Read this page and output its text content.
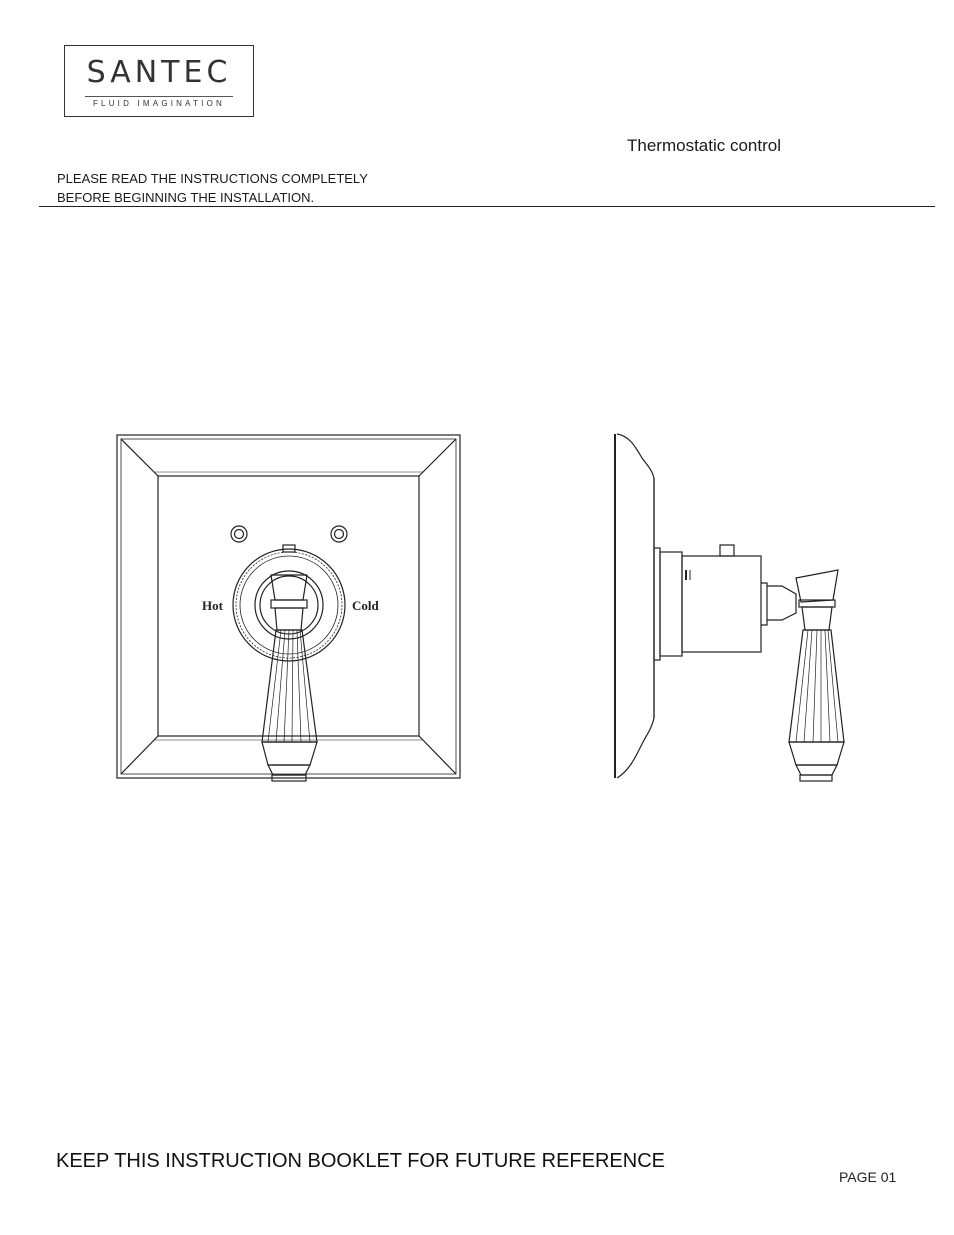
SANTEC
FLUID IMAGINATION
Thermostatic control
PLEASE READ THE INSTRUCTIONS COMPLETELY
BEFORE BEGINNING THE INSTALLATION.
Hot	Cold
KEEP THIS INSTRUCTION BOOKLET FOR FUTURE REFERENCE
PAGE 01
